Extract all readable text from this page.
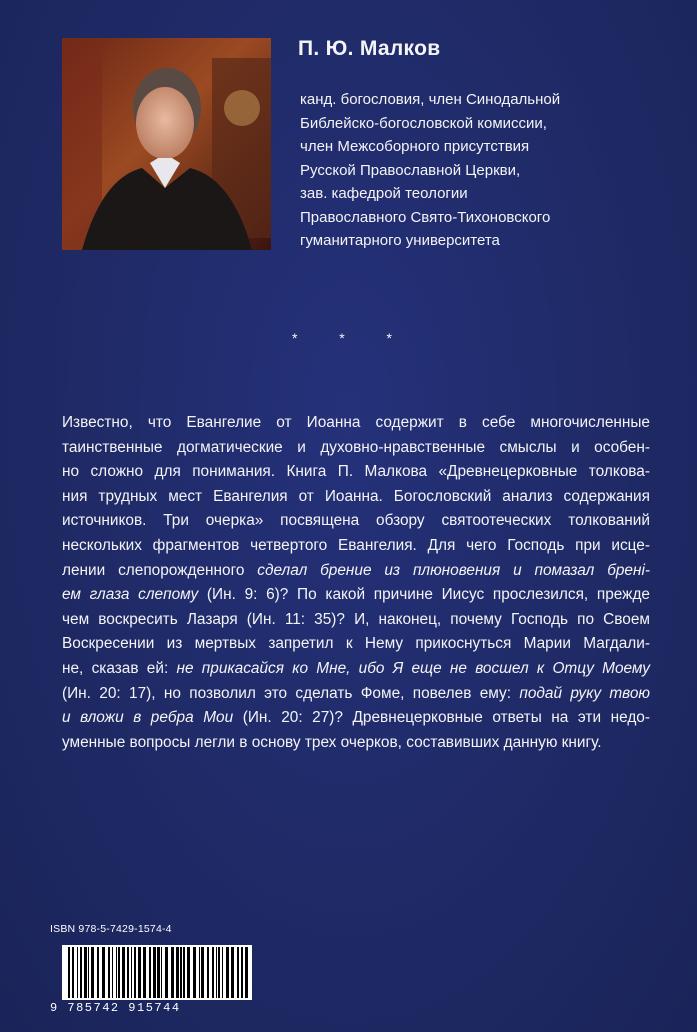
П. Ю. Малков
канд. богословия, член Синодальной
Библейско-богословской комиссии,
член Межсоборного присутствия
Русской Православной Церкви,
зав. кафедрой теологии
Православного Свято-Тихоновского
гуманитарного университета
*	*	*
Известно, что Евангелие от Иоанна содержит в себе многочисленные
таинственные догматические и духовно-нравственные смыслы и особен-
но сложно для понимания. Книга П. Малкова «Древнецерковные толкова-
ния трудных мест Евангелия от Иоанна. Богословский анализ содержания
источников. Три очерка» посвящена обзору святоотеческих толкований
нескольких фрагментов четвертого Евангелия. Для чего Господь при исце-
лении слепорожденного сделал брение из плюновения и помазал бренi-
ем глаза слепому (Ин. 9: 6)? По какой причине Иисус прослезился, прежде
чем воскресить Лазаря (Ин. 11: 35)? И, наконец, почему Господь по Своем
Воскресении из мертвых запретил к Нему прикоснуться Марии Магдали-
не, сказав ей: не прикасайся ко Мне, ибо Я еще не восшел к Отцу Моему
(Ин. 20: 17), но позволил это сделать Фоме, повелев ему: подай руку твою
и вложи в ребра Мои (Ин. 20: 27)? Древнецерковные ответы на эти недо-
уменные вопросы легли в основу трех очерков, составивших данную книгу.
ISBN 978-5-7429-1574-4
9 785742 915744
